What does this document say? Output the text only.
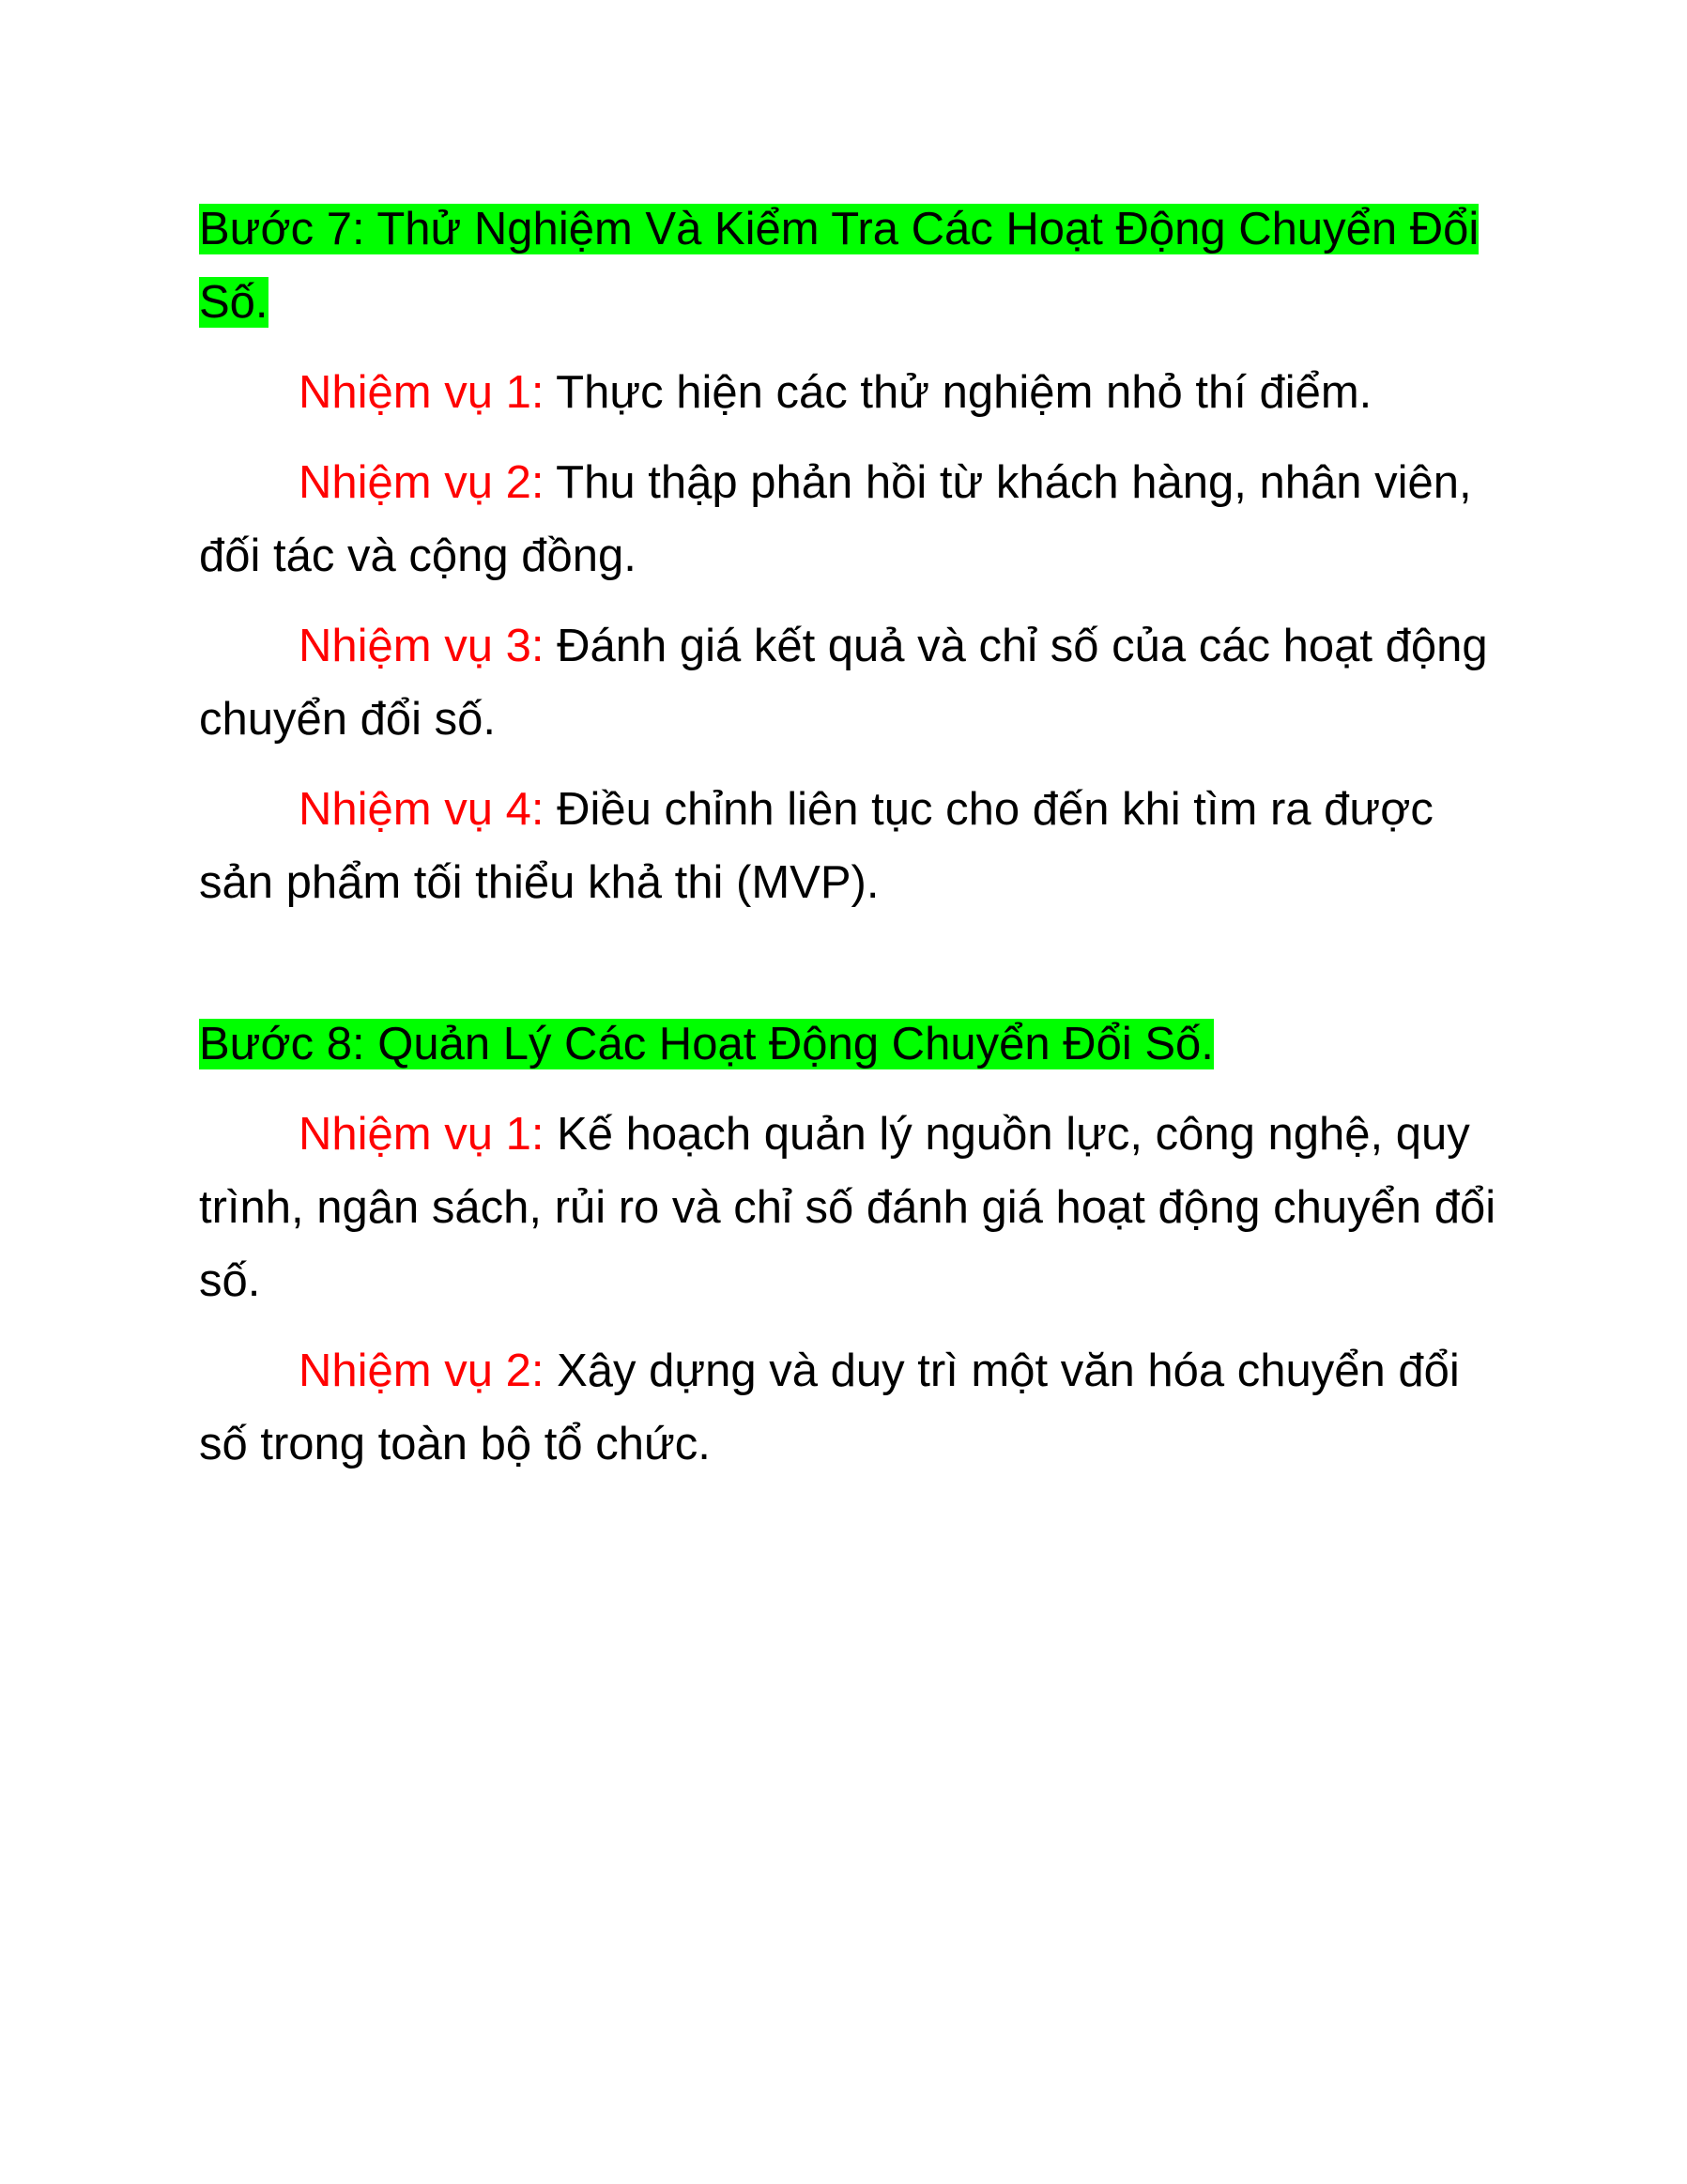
Bước 7: Thử Nghiệm Và Kiểm Tra Các Hoạt Động Chuyển Đổi Số.

Nhiệm vụ 1: Thực hiện các thử nghiệm nhỏ thí điểm.

Nhiệm vụ 2: Thu thập phản hồi từ khách hàng, nhân viên, đối tác và cộng đồng.

Nhiệm vụ 3: Đánh giá kết quả và chỉ số của các hoạt động chuyển đổi số.

Nhiệm vụ 4: Điều chỉnh liên tục cho đến khi tìm ra được sản phẩm tối thiểu khả thi (MVP).

Bước 8: Quản Lý Các Hoạt Động Chuyển Đổi Số.

Nhiệm vụ 1: Kế hoạch quản lý nguồn lực, công nghệ, quy trình, ngân sách, rủi ro và chỉ số đánh giá hoạt động chuyển đổi số.

Nhiệm vụ 2: Xây dựng và duy trì một văn hóa chuyển đổi số trong toàn bộ tổ chức.
